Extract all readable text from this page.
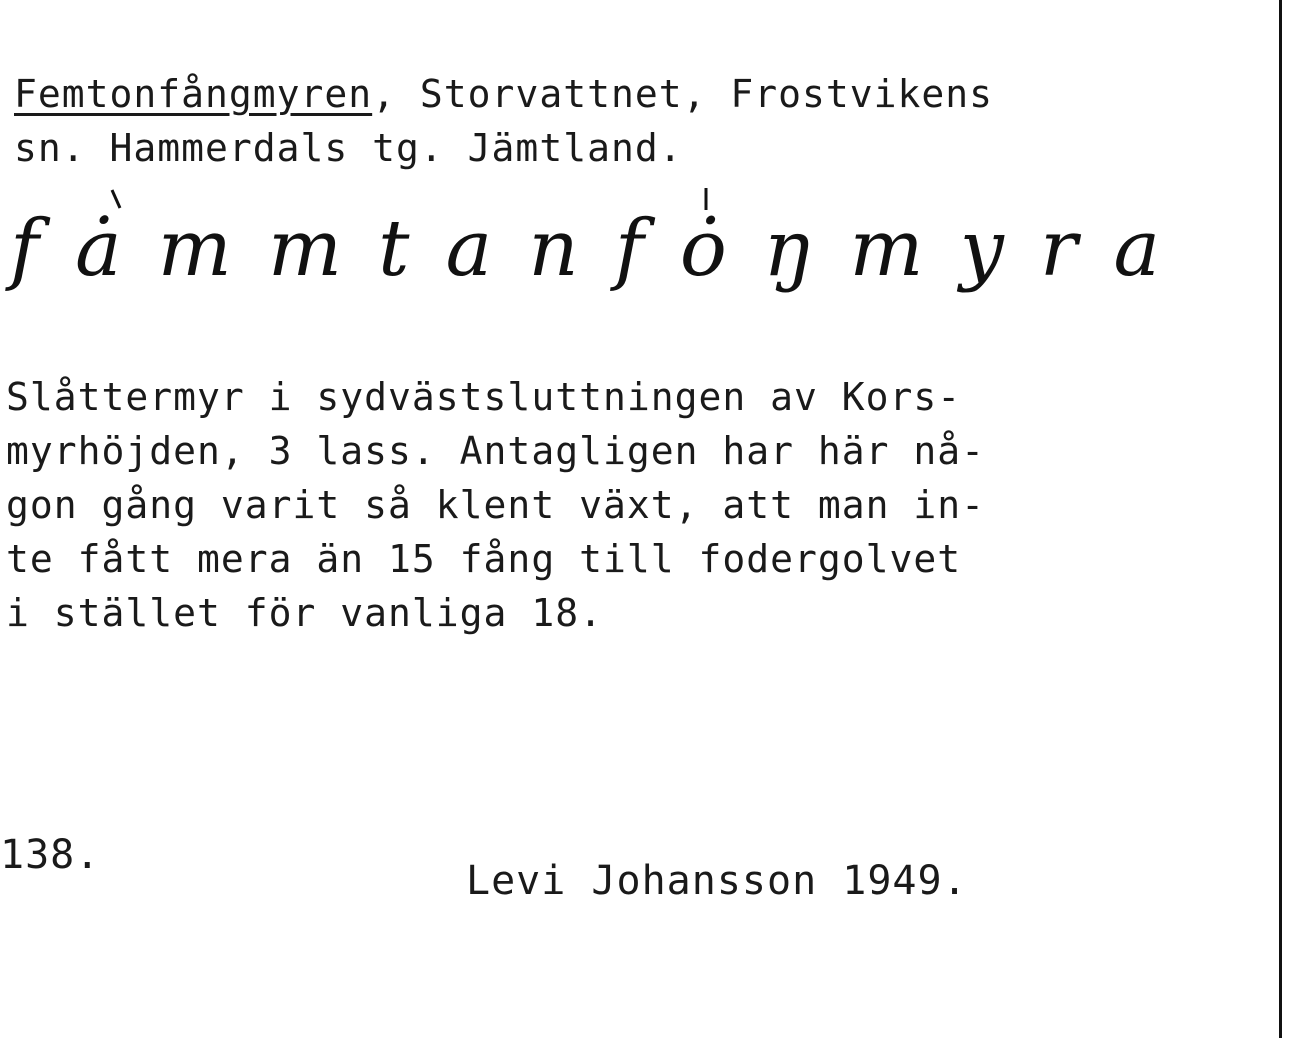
Femtonfångmyren, Storvattnet, Frostvikens

sn. Hammerdals tg. Jämtland.

fȧmmtanfȯŋmyra
Slåttermyr i sydvästsluttningen av Kors-
myrhöjden, 3 lass. Antagligen har här nå-
gon gång varit så klent växt, att man in-
te fått mera än 15 fång till fodergolvet
i stället för vanliga 18.

138.

Levi Johansson 1949.
